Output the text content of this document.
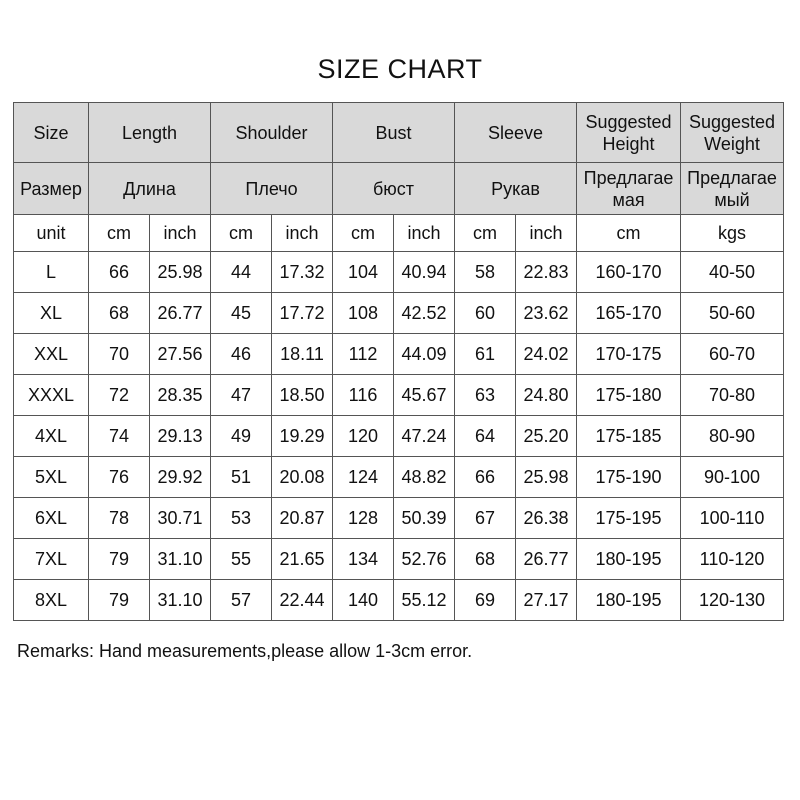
SIZE CHART
Size	Length		Shoulder		Bust		Sleeve		Suggested Height	Suggested Weight
Размер	Длина		Плечо		бюст		Рукав		Предлагае мая	Предлагае мый
unit	cm	inch	cm	inch	cm	inch	cm	inch	cm	kgs
L	66	25.98	44	17.32	104	40.94	58	22.83	160-170	40-50
XL	68	26.77	45	17.72	108	42.52	60	23.62	165-170	50-60
XXL	70	27.56	46	18.11	112	44.09	61	24.02	170-175	60-70
XXXL	72	28.35	47	18.50	116	45.67	63	24.80	175-180	70-80
4XL	74	29.13	49	19.29	120	47.24	64	25.20	175-185	80-90
5XL	76	29.92	51	20.08	124	48.82	66	25.98	175-190	90-100
6XL	78	30.71	53	20.87	128	50.39	67	26.38	175-195	100-110
7XL	79	31.10	55	21.65	134	52.76	68	26.77	180-195	110-120
8XL	79	31.10	57	22.44	140	55.12	69	27.17	180-195	120-130
Remarks: Hand measurements,please allow 1-3cm error.
